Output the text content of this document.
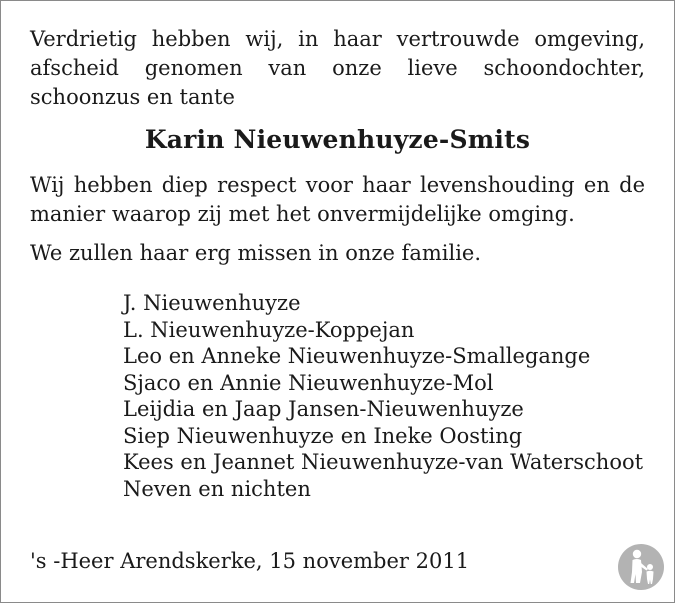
Verdrietig hebben wij, in haar vertrouwde omgeving,
afscheid genomen van onze lieve schoondochter,
schoonzus en tante

Karin Nieuwenhuyze-Smits

Wij hebben diep respect voor haar levenshouding en de
manier waarop zij met het onvermijdelijke omging.

We zullen haar erg missen in onze familie.

J. Nieuwenhuyze
L. Nieuwenhuyze-Koppejan
Leo en Anneke Nieuwenhuyze-Smallegange
Sjaco en Annie Nieuwenhuyze-Mol
Leijdia en Jaap Jansen-Nieuwenhuyze
Siep Nieuwenhuyze en Ineke Oosting
Kees en Jeannet Nieuwenhuyze-van Waterschoot
Neven en nichten

's -Heer Arendskerke, 15 november 2011
